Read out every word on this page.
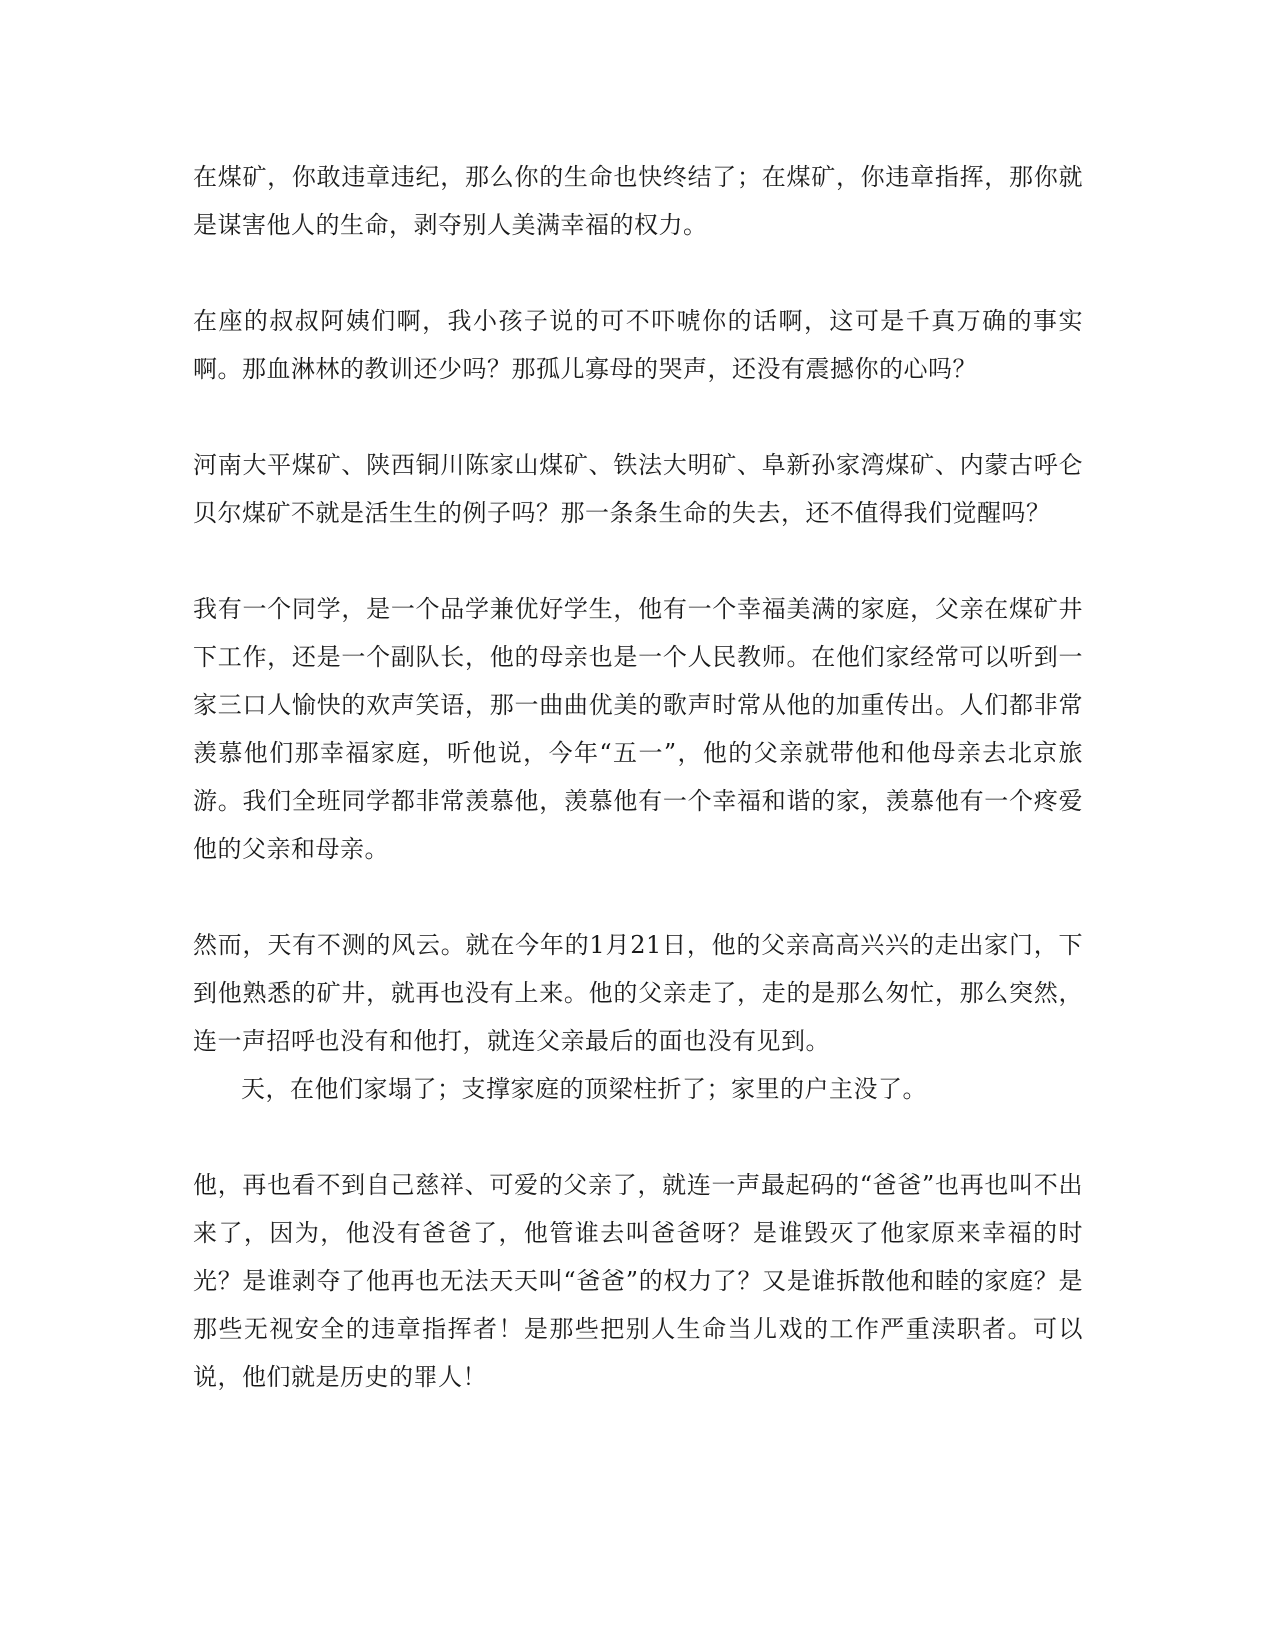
在煤矿，你敢违章违纪，那么你的生命也快终结了；在煤矿，你违章指挥，那你就是谋害他人的生命，剥夺别人美满幸福的权力。

在座的叔叔阿姨们啊，我小孩子说的可不吓唬你的话啊，这可是千真万确的事实啊。那血淋林的教训还少吗？那孤儿寡母的哭声，还没有震撼你的心吗？

河南大平煤矿、陕西铜川陈家山煤矿、铁法大明矿、阜新孙家湾煤矿、内蒙古呼仑贝尔煤矿不就是活生生的例子吗？那一条条生命的失去，还不值得我们觉醒吗？

我有一个同学，是一个品学兼优好学生，他有一个幸福美满的家庭，父亲在煤矿井下工作，还是一个副队长，他的母亲也是一个人民教师。在他们家经常可以听到一家三口人愉快的欢声笑语，那一曲曲优美的歌声时常从他的加重传出。人们都非常羡慕他们那幸福家庭，听他说，今年“五一”，他的父亲就带他和他母亲去北京旅游。我们全班同学都非常羡慕他，羡慕他有一个幸福和谐的家，羡慕他有一个疼爱他的父亲和母亲。

然而，天有不测的风云。就在今年的1月21日，他的父亲高高兴兴的走出家门，下到他熟悉的矿井，就再也没有上来。他的父亲走了，走的是那么匆忙，那么突然，连一声招呼也没有和他打，就连父亲最后的面也没有见到。

天，在他们家塌了；支撑家庭的顶梁柱折了；家里的户主没了。

他，再也看不到自己慈祥、可爱的父亲了，就连一声最起码的“爸爸”也再也叫不出来了，因为，他没有爸爸了，他管谁去叫爸爸呀？是谁毁灭了他家原来幸福的时光？是谁剥夺了他再也无法天天叫“爸爸”的权力了？又是谁拆散他和睦的家庭？是那些无视安全的违章指挥者！是那些把别人生命当儿戏的工作严重渎职者。可以说，他们就是历史的罪人！
